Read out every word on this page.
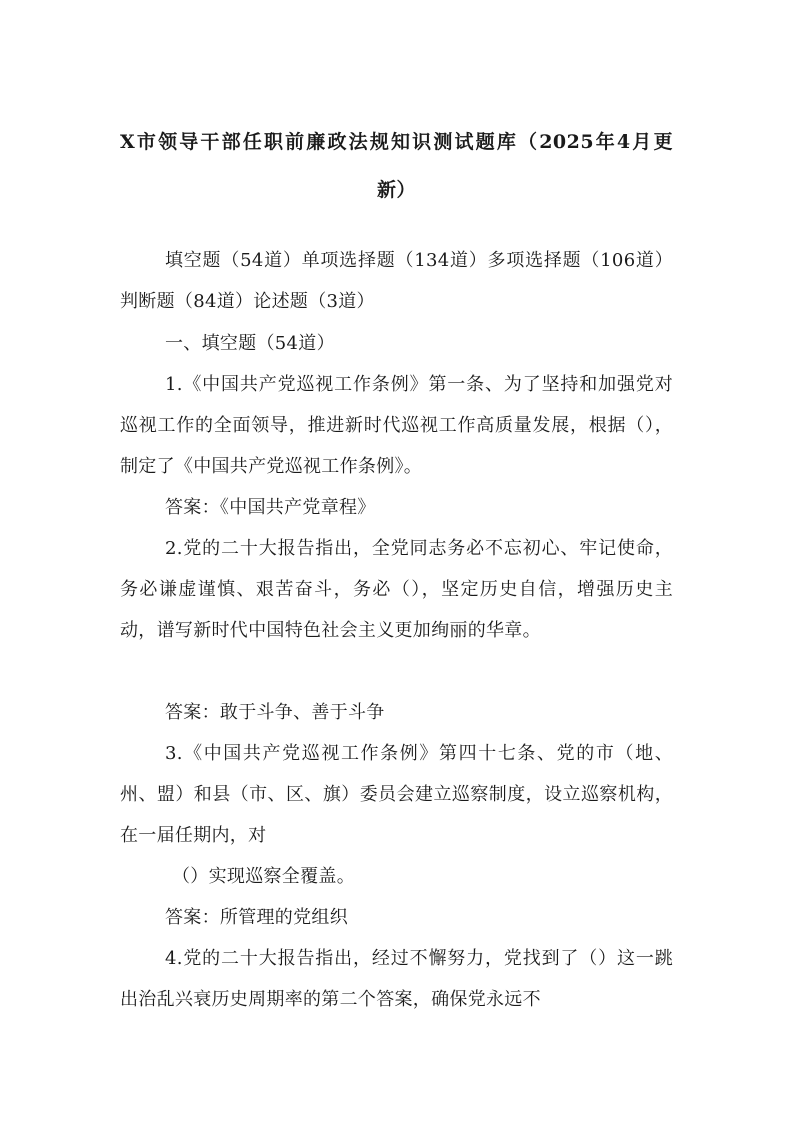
X市领导干部任职前廉政法规知识测试题库（2025年4月更
新）
填空题（54道）单项选择题（134道）多项选择题（106道）判断题（84道）论述题（3道）
一、填空题（54道）
1.《中国共产党巡视工作条例》第一条、为了坚持和加强党对巡视工作的全面领导，推进新时代巡视工作高质量发展，根据（），制定了《中国共产党巡视工作条例》。
答案：《中国共产党章程》
2.党的二十大报告指出，全党同志务必不忘初心、牢记使命，务必谦虚谨慎、艰苦奋斗，务必（），坚定历史自信，增强历史主动，谱写新时代中国特色社会主义更加绚丽的华章。
答案：敢于斗争、善于斗争
3.《中国共产党巡视工作条例》第四十七条、党的市（地、州、盟）和县（市、区、旗）委员会建立巡察制度，设立巡察机构，在一届任期内，对
（）实现巡察全覆盖。
答案：所管理的党组织
4.党的二十大报告指出，经过不懈努力，党找到了（）这一跳出治乱兴衰历史周期率的第二个答案，确保党永远不
